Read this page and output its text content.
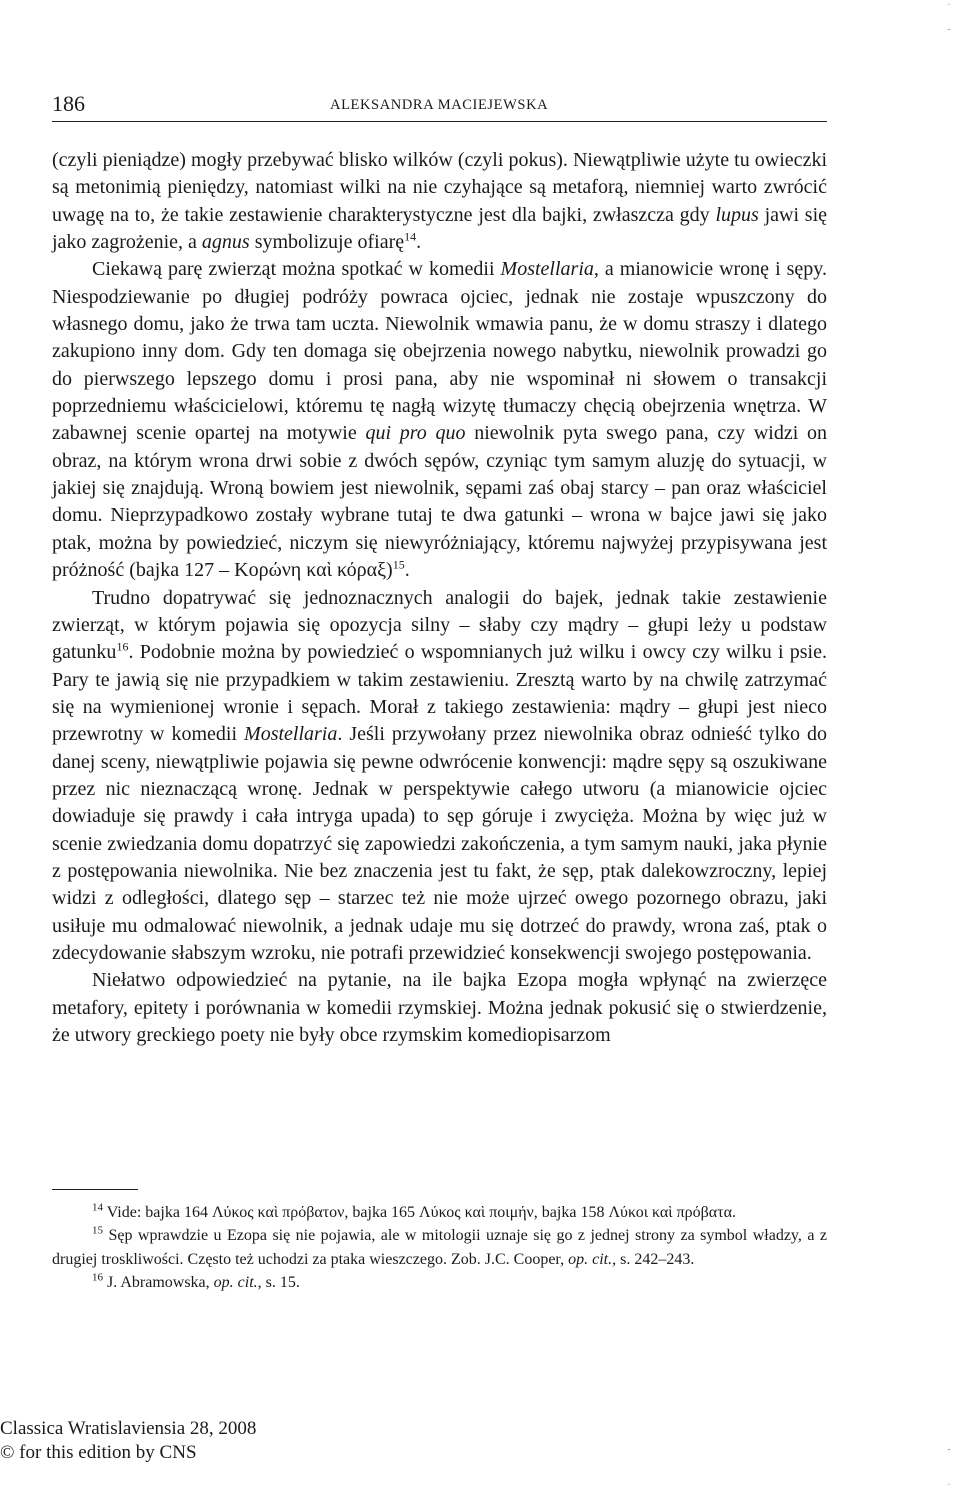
186	ALEKSANDRA MACIEJEWSKA

(czyli pieniądze) mogły przebywać blisko wilków (czyli pokus). Niewątpliwie użyte tu owieczki są metonimią pieniędzy, natomiast wilki na nie czyhające są metaforą, niemniej warto zwrócić uwagę na to, że takie zestawienie charakterystyczne jest dla bajki, zwłaszcza gdy lupus jawi się jako zagrożenie, a agnus symbolizuje ofiarę$^{14}$.

Ciekawą parę zwierząt można spotkać w komedii Mostellaria, a mianowicie wronę i sępy. Niespodziewanie po długiej podróży powraca ojciec, jednak nie zostaje wpuszczony do własnego domu, jako że trwa tam uczta. Niewolnik wmawia panu, że w domu straszy i dlatego zakupiono inny dom. Gdy ten domaga się obejrzenia nowego nabytku, niewolnik prowadzi go do pierwszego lepszego domu i prosi pana, aby nie wspominał ni słowem o transakcji poprzedniemu właścicielowi, któremu tę nagłą wizytę tłumaczy chęcią obejrzenia wnętrza. W zabawnej scenie opartej na motywie qui pro quo niewolnik pyta swego pana, czy widzi on obraz, na którym wrona drwi sobie z dwóch sępów, czyniąc tym samym aluzję do sytuacji, w jakiej się znajdują. Wroną bowiem jest niewolnik, sępami zaś obaj starcy – pan oraz właściciel domu. Nieprzypadkowo zostały wybrane tutaj te dwa gatunki – wrona w bajce jawi się jako ptak, można by powiedzieć, niczym się niewyróżniający, któremu najwyżej przypisywana jest próżność (bajka 127 – Κορώνη καὶ κόραξ)$^{15}$.

Trudno dopatrywać się jednoznacznych analogii do bajek, jednak takie zestawienie zwierząt, w którym pojawia się opozycja silny – słaby czy mądry – głupi leży u podstaw gatunku$^{16}$. Podobnie można by powiedzieć o wspomnianych już wilku i owcy czy wilku i psie. Pary te jawią się nie przypadkiem w takim zestawieniu. Zresztą warto by na chwilę zatrzymać się na wymienionej wronie i sępach. Morał z takiego zestawienia: mądry – głupi jest nieco przewrotny w komedii Mostellaria. Jeśli przywołany przez niewolnika obraz odnieść tylko do danej sceny, niewątpliwie pojawia się pewne odwrócenie konwencji: mądre sępy są oszukiwane przez nic nieznaczącą wronę. Jednak w perspektywie całego utworu (a mianowicie ojciec dowiaduje się prawdy i cała intryga upada) to sęp góruje i zwycięża. Można by więc już w scenie zwiedzania domu dopatrzyć się zapowiedzi zakończenia, a tym samym nauki, jaka płynie z postępowania niewolnika. Nie bez znaczenia jest tu fakt, że sęp, ptak dalekowzroczny, lepiej widzi z odległości, dlatego sęp – starzec też nie może ujrzeć owego pozornego obrazu, jaki usiłuje mu odmalować niewolnik, a jednak udaje mu się dotrzeć do prawdy, wrona zaś, ptak o zdecydowanie słabszym wzroku, nie potrafi przewidzieć konsekwencji swojego postępowania.

Niełatwo odpowiedzieć na pytanie, na ile bajka Ezopa mogła wpłynąć na zwierzęce metafory, epitety i porównania w komedii rzymskiej. Można jednak pokusić się o stwierdzenie, że utwory greckiego poety nie były obce rzymskim komediopisarzom

$^{14}$ Vide: bajka 164 Λύκος καὶ πρόβατον, bajka 165 Λύκος καὶ ποιμήν, bajka 158 Λύκοι καὶ πρόβατα.

$^{15}$ Sęp wprawdzie u Ezopa się nie pojawia, ale w mitologii uznaje się go z jednej strony za symbol władzy, a z drugiej troskliwości. Często też uchodzi za ptaka wieszczego. Zob. J.C. Cooper, op. cit., s. 242–243.

$^{16}$ J. Abramowska, op. cit., s. 15.

Classica Wratislaviensia 28, 2008
© for this edition by CNS
·

-
-

·
